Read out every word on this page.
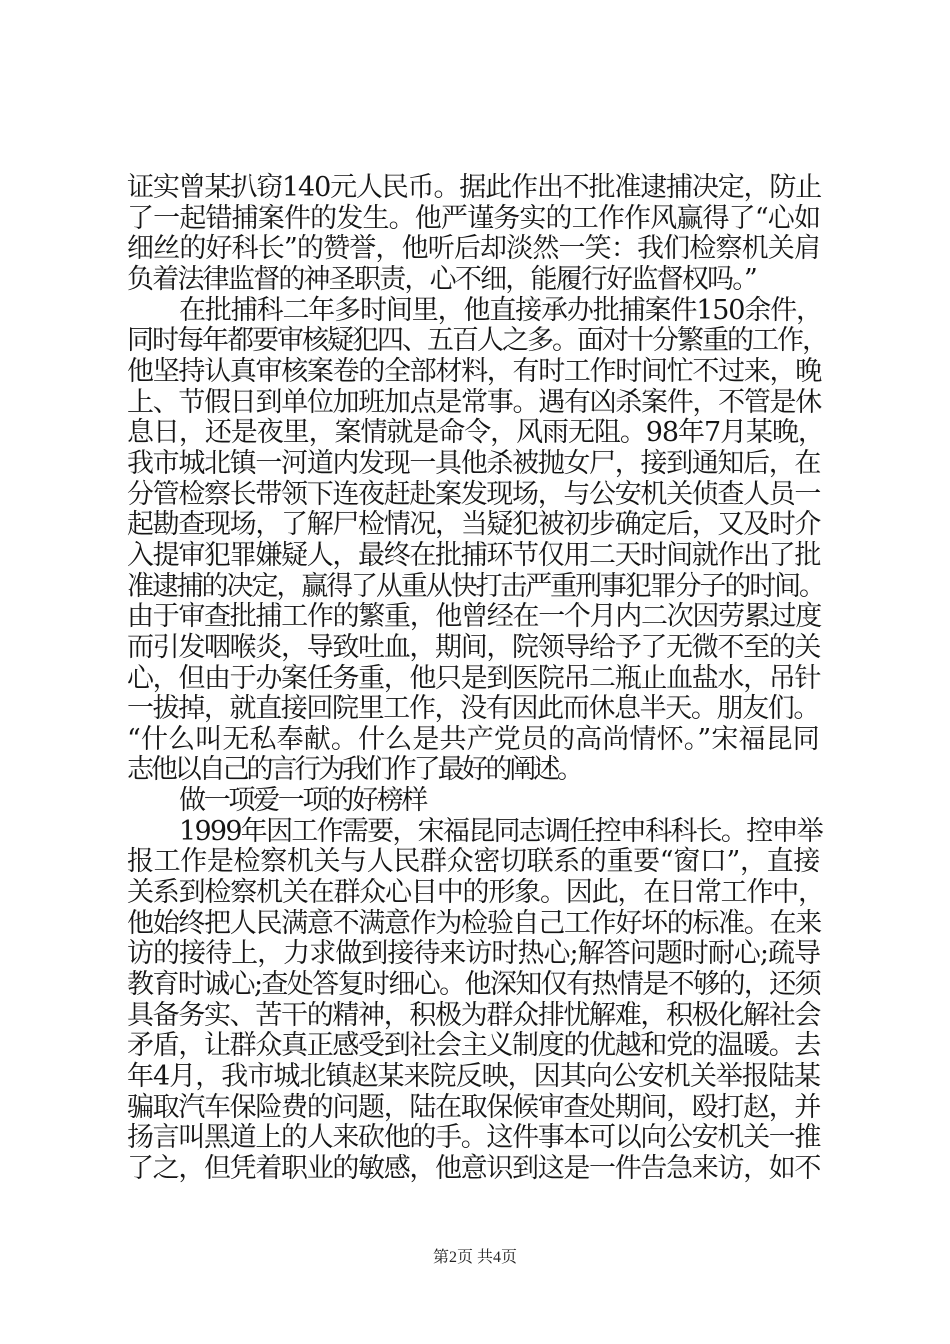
证实曾某扒窃140元人民币。据此作出不批准逮捕决定，防止
了一起错捕案件的发生。他严谨务实的工作作风赢得了“心如
细丝的好科长”的赞誉，他听后却淡然一笑：我们检察机关肩
负着法律监督的神圣职责，心不细，能履行好监督权吗。”
在批捕科二年多时间里，他直接承办批捕案件150余件，
同时每年都要审核疑犯四、五百人之多。面对十分繁重的工作，
他坚持认真审核案卷的全部材料，有时工作时间忙不过来，晚
上、节假日到单位加班加点是常事。遇有凶杀案件，不管是休
息日，还是夜里，案情就是命令，风雨无阻。98年7月某晚，
我市城北镇一河道内发现一具他杀被抛女尸，接到通知后，在
分管检察长带领下连夜赶赴案发现场，与公安机关侦查人员一
起勘查现场，了解尸检情况，当疑犯被初步确定后，又及时介
入提审犯罪嫌疑人，最终在批捕环节仅用二天时间就作出了批
准逮捕的决定，赢得了从重从快打击严重刑事犯罪分子的时间。
由于审查批捕工作的繁重，他曾经在一个月内二次因劳累过度
而引发咽喉炎，导致吐血，期间，院领导给予了无微不至的关
心，但由于办案任务重，他只是到医院吊二瓶止血盐水，吊针
一拔掉，就直接回院里工作，没有因此而休息半天。朋友们。
“什么叫无私奉献。什么是共产党员的高尚情怀。”宋福昆同
志他以自己的言行为我们作了最好的阐述。
做一项爱一项的好榜样
1999年因工作需要，宋福昆同志调任控申科科长。控申举
报工作是检察机关与人民群众密切联系的重要“窗口”，直接
关系到检察机关在群众心目中的形象。因此，在日常工作中，
他始终把人民满意不满意作为检验自己工作好坏的标准。在来
访的接待上，力求做到接待来访时热心;解答问题时耐心;疏导
教育时诚心;查处答复时细心。他深知仅有热情是不够的，还须
具备务实、苦干的精神，积极为群众排忧解难，积极化解社会
矛盾，让群众真正感受到社会主义制度的优越和党的温暖。去
年4月，我市城北镇赵某来院反映，因其向公安机关举报陆某
骗取汽车保险费的问题，陆在取保候审查处期间，殴打赵，并
扬言叫黑道上的人来砍他的手。这件事本可以向公安机关一推
了之，但凭着职业的敏感，他意识到这是一件告急来访，如不
第2页 共4页
